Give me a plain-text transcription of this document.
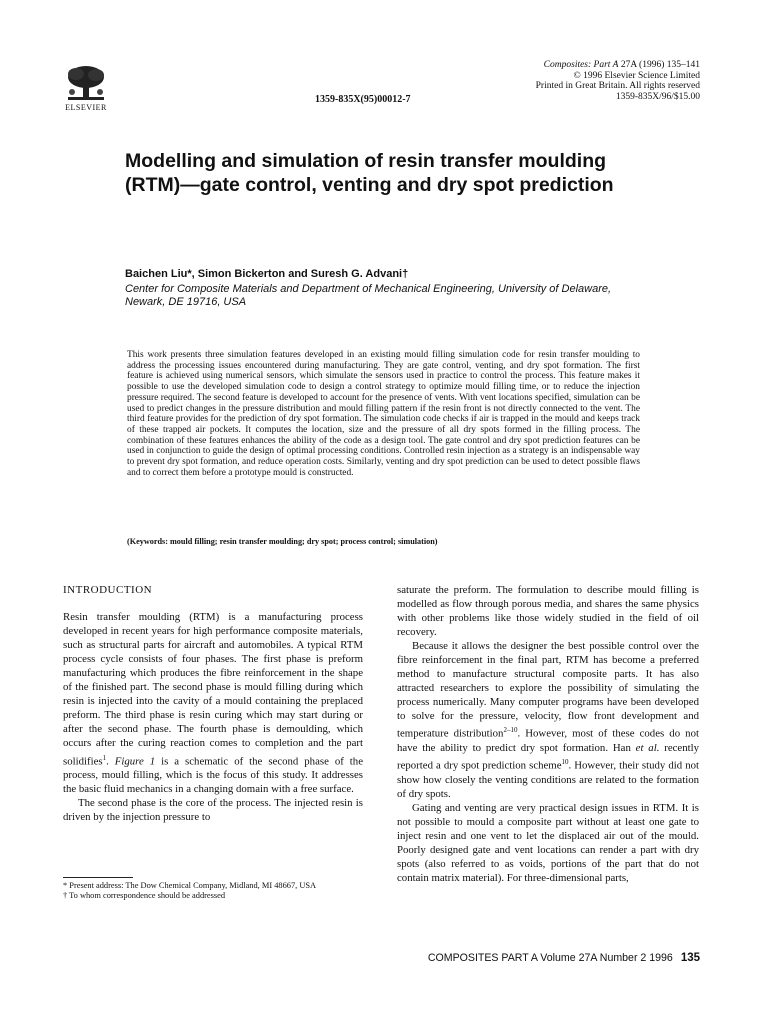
ELSEVIER
1359-835X(95)00012-7
Composites: Part A 27A (1996) 135–141
© 1996 Elsevier Science Limited
Printed in Great Britain. All rights reserved
1359-835X/96/$15.00
Modelling and simulation of resin transfer moulding (RTM)—gate control, venting and dry spot prediction
Baichen Liu*, Simon Bickerton and Suresh G. Advani†
Center for Composite Materials and Department of Mechanical Engineering, University of Delaware, Newark, DE 19716, USA
This work presents three simulation features developed in an existing mould filling simulation code for resin transfer moulding to address the processing issues encountered during manufacturing. They are gate control, venting, and dry spot formation. The first feature is achieved using numerical sensors, which simulate the sensors used in practice to control the process. This feature makes it possible to use the developed simulation code to design a control strategy to optimize mould filling time, or to reduce the injection pressure required. The second feature is developed to account for the presence of vents. With vent locations specified, simulation can be used to predict changes in the pressure distribution and mould filling pattern if the resin front is not directly connected to the vent. The third feature provides for the prediction of dry spot formation. The simulation code checks if air is trapped in the mould and keeps track of these trapped air pockets. It computes the location, size and the pressure of all dry spots formed in the filling process. The combination of these features enhances the ability of the code as a design tool. The gate control and dry spot prediction features can be used in conjunction to guide the design of optimal processing conditions. Controlled resin injection as a strategy is an indispensable way to prevent dry spot formation, and reduce operation costs. Similarly, venting and dry spot prediction can be used to detect possible flaws and to correct them before a prototype mould is constructed.
(Keywords: mould filling; resin transfer moulding; dry spot; process control; simulation)
INTRODUCTION

Resin transfer moulding (RTM) is a manufacturing process developed in recent years for high performance composite materials, such as structural parts for aircraft and automobiles. A typical RTM process cycle consists of four phases. The first phase is preform manufacturing which produces the fibre reinforcement in the shape of the finished part. The second phase is mould filling during which resin is injected into the cavity of a mould containing the preplaced preform. The third phase is resin curing which may start during or after the second phase. The fourth phase is demoulding, which occurs after the curing reaction comes to completion and the part solidifies$^1$. Figure 1 is a schematic of the second phase of the process, mould filling, which is the focus of this study. It addresses the basic fluid mechanics in a changing domain with a free surface.

The second phase is the core of the process. The injected resin is driven by the injection pressure to

saturate the preform. The formulation to describe mould filling is modelled as flow through porous media, and shares the same physics with other problems like those widely studied in the field of oil recovery.

Because it allows the designer the best possible control over the fibre reinforcement in the final part, RTM has become a preferred method to manufacture structural composite parts. It has also attracted researchers to explore the possibility of simulating the process numerically. Many computer programs have been developed to solve for the pressure, velocity, flow front development and temperature distribution$^{2-10}$. However, most of these codes do not have the ability to predict dry spot formation. Han et al. recently reported a dry spot prediction scheme$^{10}$. However, their study did not show how closely the venting conditions are related to the formation of dry spots.

Gating and venting are very practical design issues in RTM. It is not possible to mould a composite part without at least one gate to inject resin and one vent to let the displaced air out of the mould. Poorly designed gate and vent locations can render a part with dry spots (also referred to as voids, portions of the part that do not contain matrix material). For three-dimensional parts,

* Present address: The Dow Chemical Company, Midland, MI 48667, USA
† To whom correspondence should be addressed
COMPOSITES PART A Volume 27A Number 2 1996 135
